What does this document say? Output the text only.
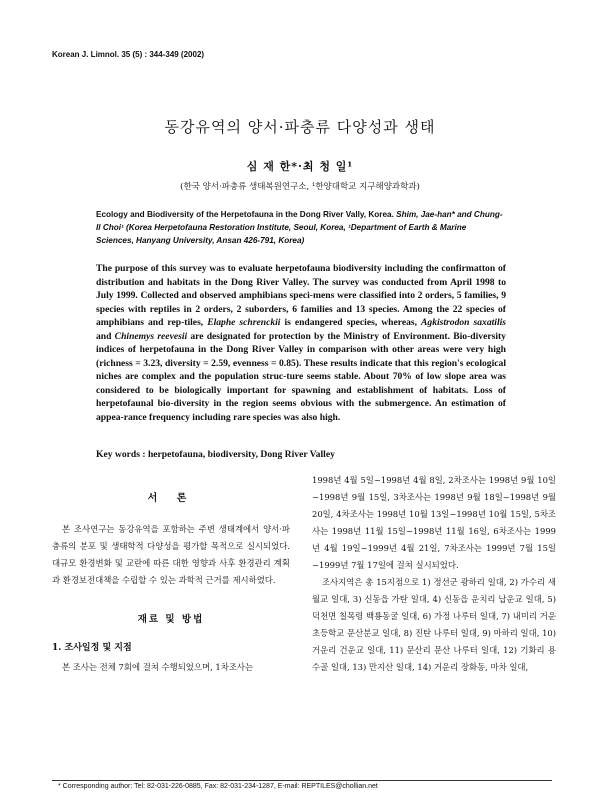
Korean J. Limnol. 35 (5) : 344-349 (2002)
동강유역의 양서·파충류 다양성과 생태
심 재 한*·최 청 일¹
(한국 양서·파충류 생태복원연구소, ¹한양대학교 지구해양과학과)
Ecology and Biodiversity of the Herpetofauna in the Dong River Vally, Korea. Shim, Jae-han* and Chung-Il Choi¹ (Korea Herpetofauna Restoration Institute, Seoul, Korea, ¹Department of Earth & Marine Sciences, Hanyang University, Ansan 426-791, Korea)
The purpose of this survey was to evaluate herpetofauna biodiversity including the confirmatton of distribution and habitats in the Dong River Valley. The survey was conducted from April 1998 to July 1999. Collected and observed amphibians speci-mens were classified into 2 orders, 5 families, 9 species with reptiles in 2 orders, 2 suborders, 6 families and 13 species. Among the 22 species of amphibians and rep-tiles, Elaphe schrenckii is endangered species, whereas, Agkistrodon saxatilis and Chinemys reevesii are designated for protection by the Ministry of Environment. Bio-diversity indices of herpetofauna in the Dong River Valley in comparison with other areas were very high (richness = 3.23, diversity = 2.59, evenness = 0.85). These results indicate that this region's ecological niches are complex and the population struc-ture seems stable. About 70% of low slope area was considered to be biologically important for spawning and establishment of habitats. Loss of herpetofaunal bio-diversity in the region seems obvious with the submergence. An estimation of appea-rance frequency including rare species was also high.
Key words : herpetofauna, biodiversity, Dong River Valley
서 론

본 조사연구는 동강유역을 포함하는 주변 생태계에서 양서·파충류의 분포 및 생태학적 다양성을 평가할 목적으로 실시되었다. 대규모 환경변화 및 교란에 따른 대한 영향과 사후 환경관리 계획과 환경보전대책을 수립할 수 있는 과학적 근거를 제시하였다.

재료 및 방법
1. 조사일정 및 지점

본 조사는 전체 7회에 걸쳐 수행되었으며, 1차조사는

1998년 4월 5일~1998년 4월 8일, 2차조사는 1998년 9월 10일~1998년 9월 15일, 3차조사는 1998년 9월 18일~1998년 9월 20일, 4차조사는 1998년 10월 13일~1998년 10월 15일, 5차조사는 1998년 11월 15일~1998년 11월 16일, 6차조사는 1999년 4월 19일~1999년 4월 21일, 7차조사는 1999년 7월 15일~1999년 7월 17일에 걸쳐 실시되었다.

조사지역은 총 15지점으로 1) 정선군 광하리 일대, 2) 가수리 새월교 일대, 3) 신동읍 가탄 일대, 4) 신동읍 운치리 납운교 일대, 5) 덕천면 칠목령 백룡동굴 일대, 6) 가정 나루터 일대, 7) 내미리 거운초등학교 문산분교 일대, 8) 진탄 나루터 일대, 9) 마하리 일대, 10) 거운리 건운교 일대, 11) 문산리 문산 나루터 일대, 12) 기화리 용수골 일대, 13) 만지산 일대, 14) 거운리 장화동, 마차 일대,

* Corresponding author: Tel: 82-031-226-0885, Fax: 82-031-234-1287, E-mail: REPTILES@chollian.net
